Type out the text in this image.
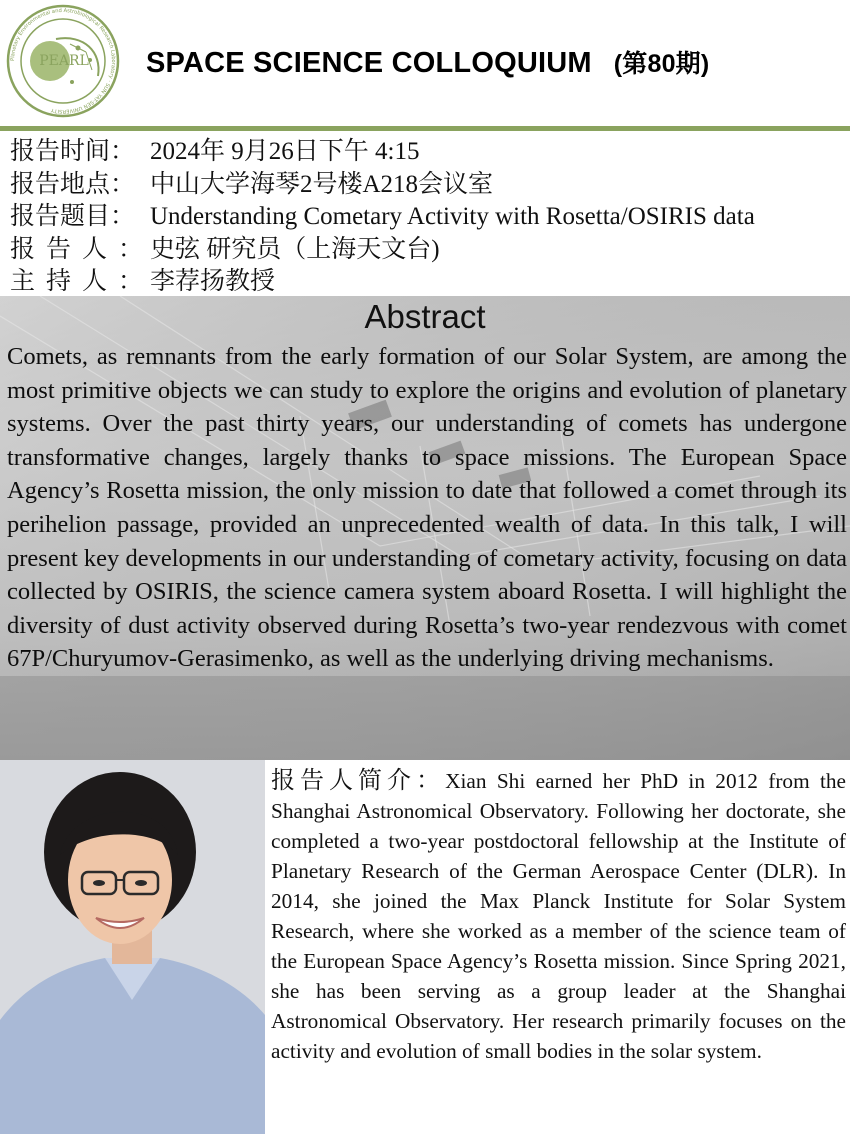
Planetary Environmental and Astrobiological Research Laboratory · SUN YAT-SEN UNIVERSITY
PEARL SPACE SCIENCE COLLOQUIUM (第80期)
报告时间： 2024年 9月26日下午 4:15
报告地点： 中山大学海琴2号楼A218会议室
报告题目： Understanding Cometary Activity with Rosetta/OSIRIS data
报告人：
史弦 研究员（上海天文台)
主持人：
李荐扬教授
Abstract
Comets, as remnants from the early formation of our Solar System, are among the most primitive objects we can study to explore the origins and evolution of planetary systems. Over the past thirty years, our understanding of comets has undergone transformative changes, largely thanks to space missions. The European Space Agency’s Rosetta mission, the only mission to date that followed a comet through its perihelion passage, provided an unprecedented wealth of data. In this talk, I will present key developments in our understanding of cometary activity, focusing on data collected by OSIRIS, the science camera system aboard Rosetta. I will highlight the diversity of dust activity observed during Rosetta’s two-year rendezvous with comet 67P/Churyumov-Gerasimenko, as well as the underlying driving mechanisms.
报告人简介：Xian Shi earned her PhD in 2012 from the Shanghai Astronomical Observatory. Following her doctorate, she completed a two-year postdoctoral fellowship at the Institute of Planetary Research of the German Aerospace Center (DLR). In 2014, she joined the Max Planck Institute for Solar System Research, where she worked as a member of the science team of the European Space Agency’s Rosetta mission. Since Spring 2021, she has been serving as a group leader at the Shanghai Astronomical Observatory. Her research primarily focuses on the activity and evolution of small bodies in the solar system.
